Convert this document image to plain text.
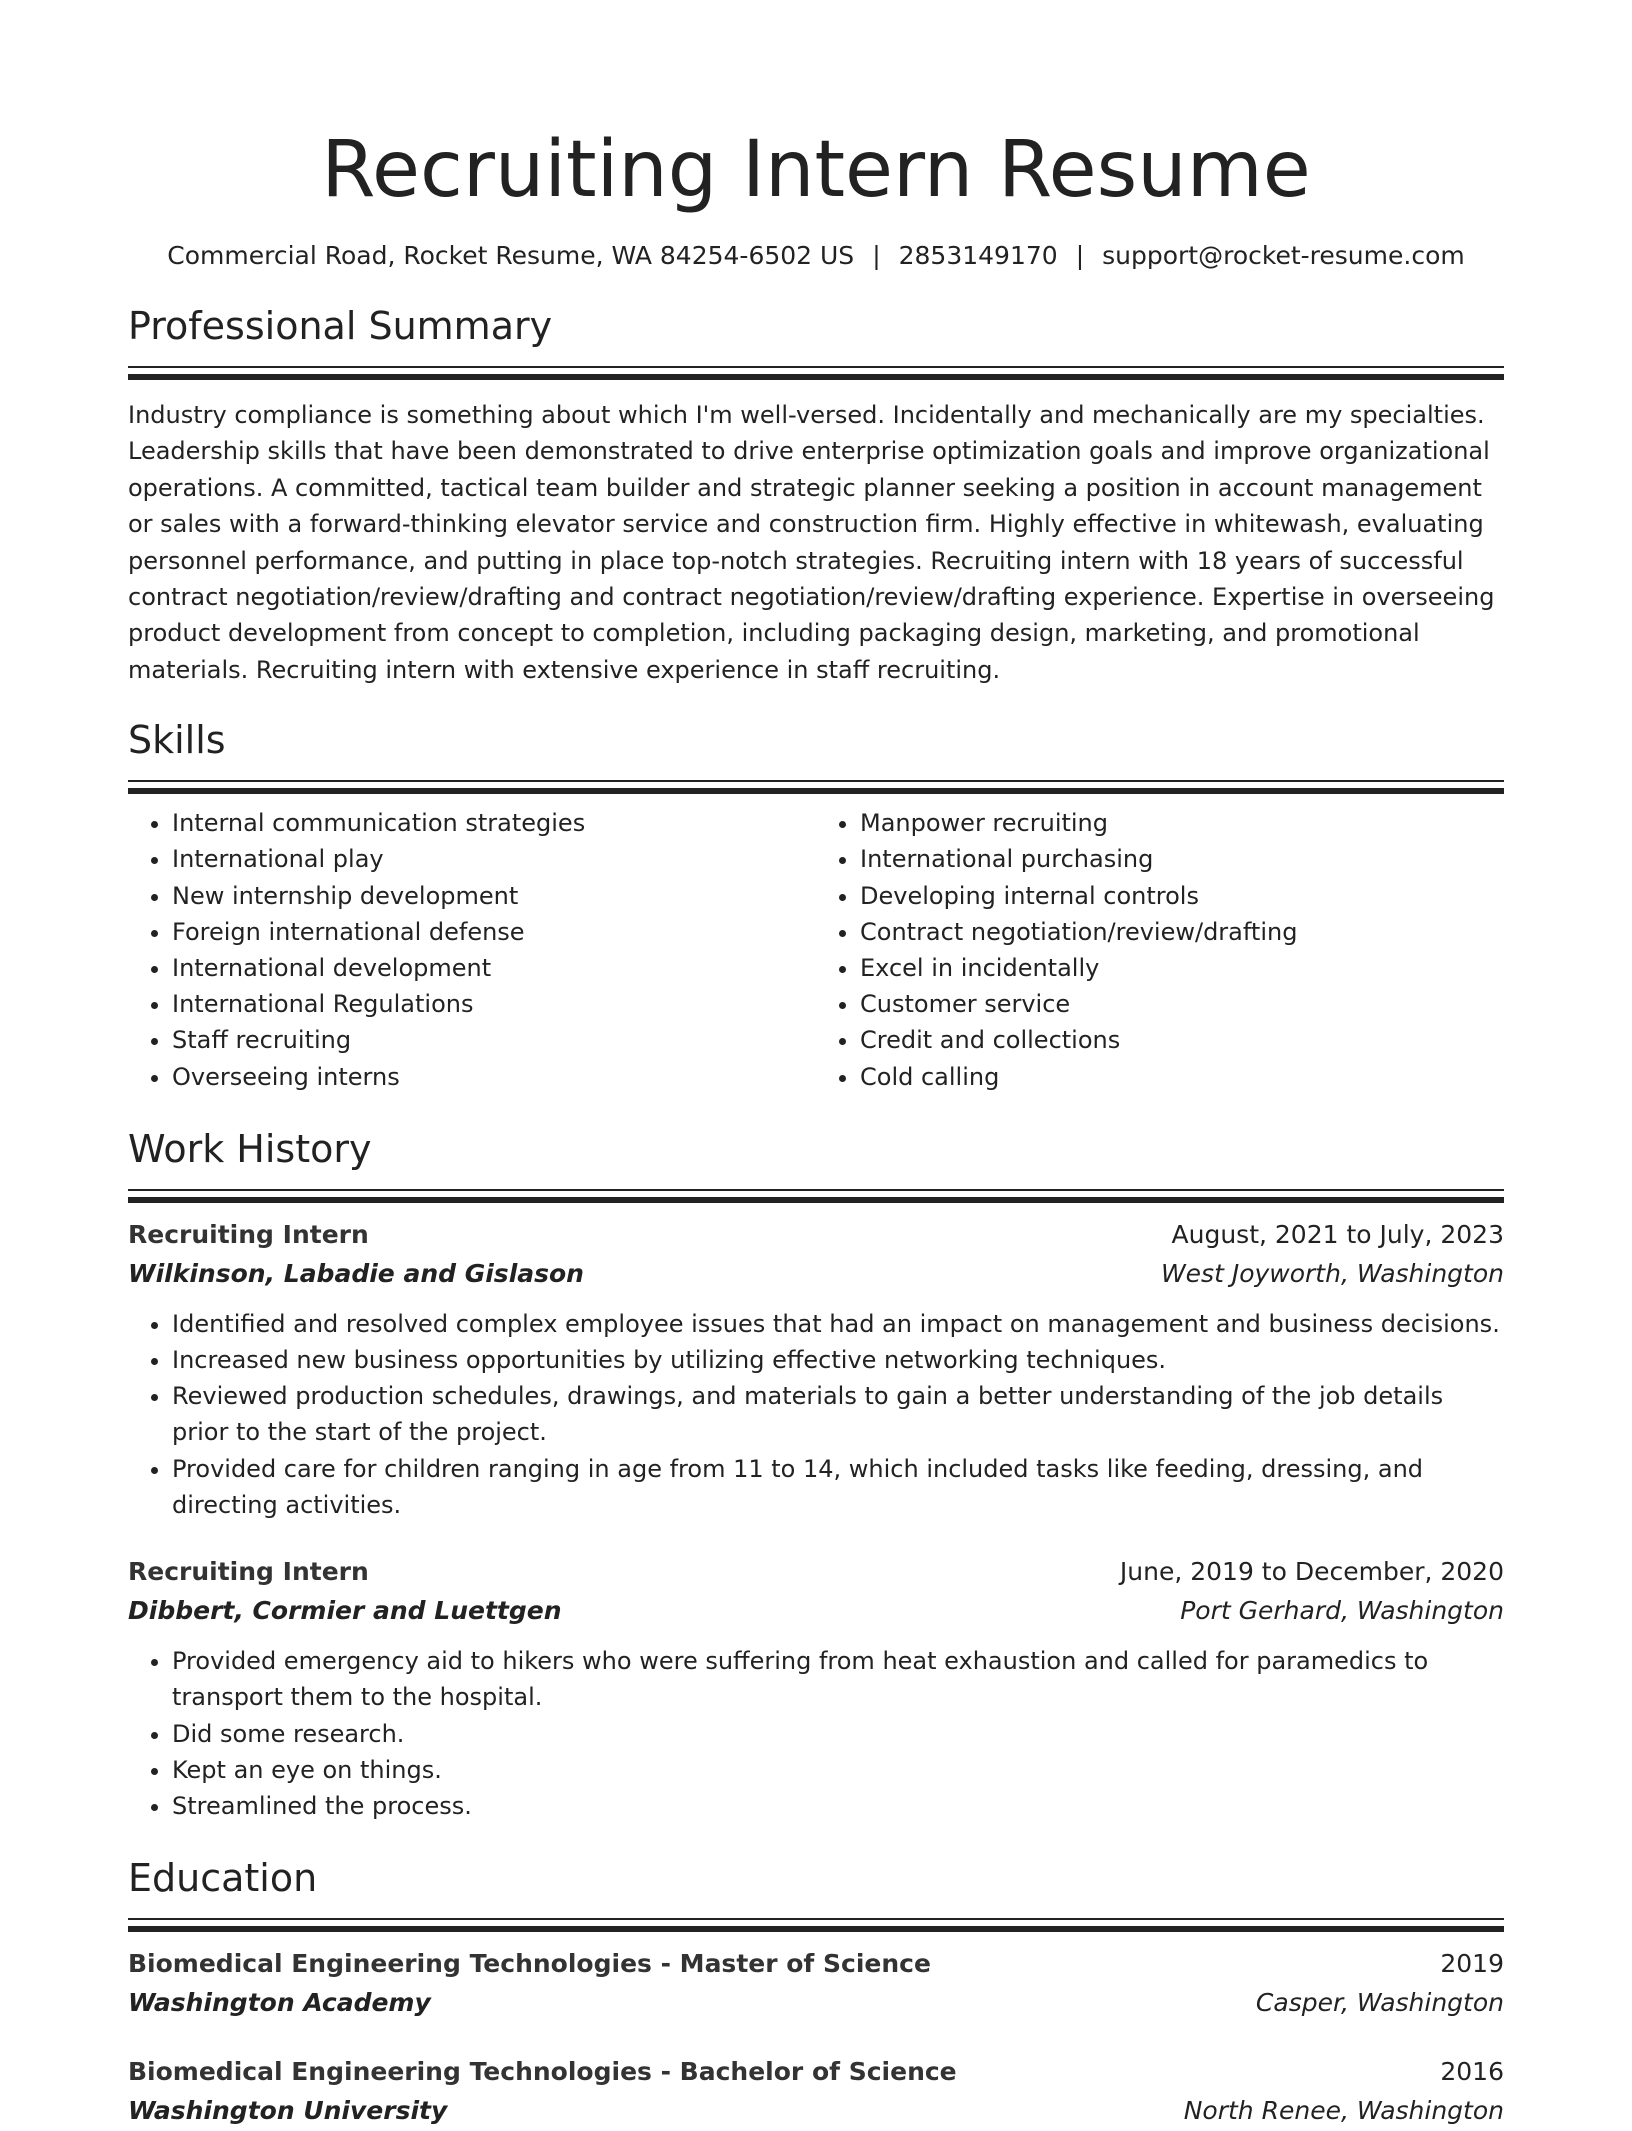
Recruiting Intern Resume
Commercial Road, Rocket Resume, WA 84254-6502 US | 2853149170 | support@rocket-resume.com
Professional Summary

Industry compliance is something about which I'm well-versed. Incidentally and mechanically are my specialties. Leadership skills that have been demonstrated to drive enterprise optimization goals and improve organizational operations. A committed, tactical team builder and strategic planner seeking a position in account management or sales with a forward-thinking elevator service and construction firm. Highly effective in whitewash, evaluating personnel performance, and putting in place top-notch strategies. Recruiting intern with 18 years of successful contract negotiation/review/drafting and contract negotiation/review/drafting experience. Expertise in overseeing product development from concept to completion, including packaging design, marketing, and promotional materials. Recruiting intern with extensive experience in staff recruiting.

Skills
• Internal communication strategies
• International play
• New internship development
• Foreign international defense
• International development
• International Regulations
• Staff recruiting
• Overseeing interns
• Manpower recruiting
• International purchasing
• Developing internal controls
• Contract negotiation/review/drafting
• Excel in incidentally
• Customer service
• Credit and collections
• Cold calling
Work History
Recruiting Intern	August, 2021 to July, 2023
Wilkinson, Labadie and Gislason	West Joyworth, Washington
• Identified and resolved complex employee issues that had an impact on management and business decisions.
• Increased new business opportunities by utilizing effective networking techniques.
• Reviewed production schedules, drawings, and materials to gain a better understanding of the job details prior to the start of the project.
• Provided care for children ranging in age from 11 to 14, which included tasks like feeding, dressing, and directing activities.
Recruiting Intern	June, 2019 to December, 2020
Dibbert, Cormier and Luettgen	Port Gerhard, Washington
• Provided emergency aid to hikers who were suffering from heat exhaustion and called for paramedics to transport them to the hospital.
• Did some research.
• Kept an eye on things.
• Streamlined the process.
Education
Biomedical Engineering Technologies - Master of Science	2019
Washington Academy	Casper, Washington
Biomedical Engineering Technologies - Bachelor of Science	2016
Washington University	North Renee, Washington
